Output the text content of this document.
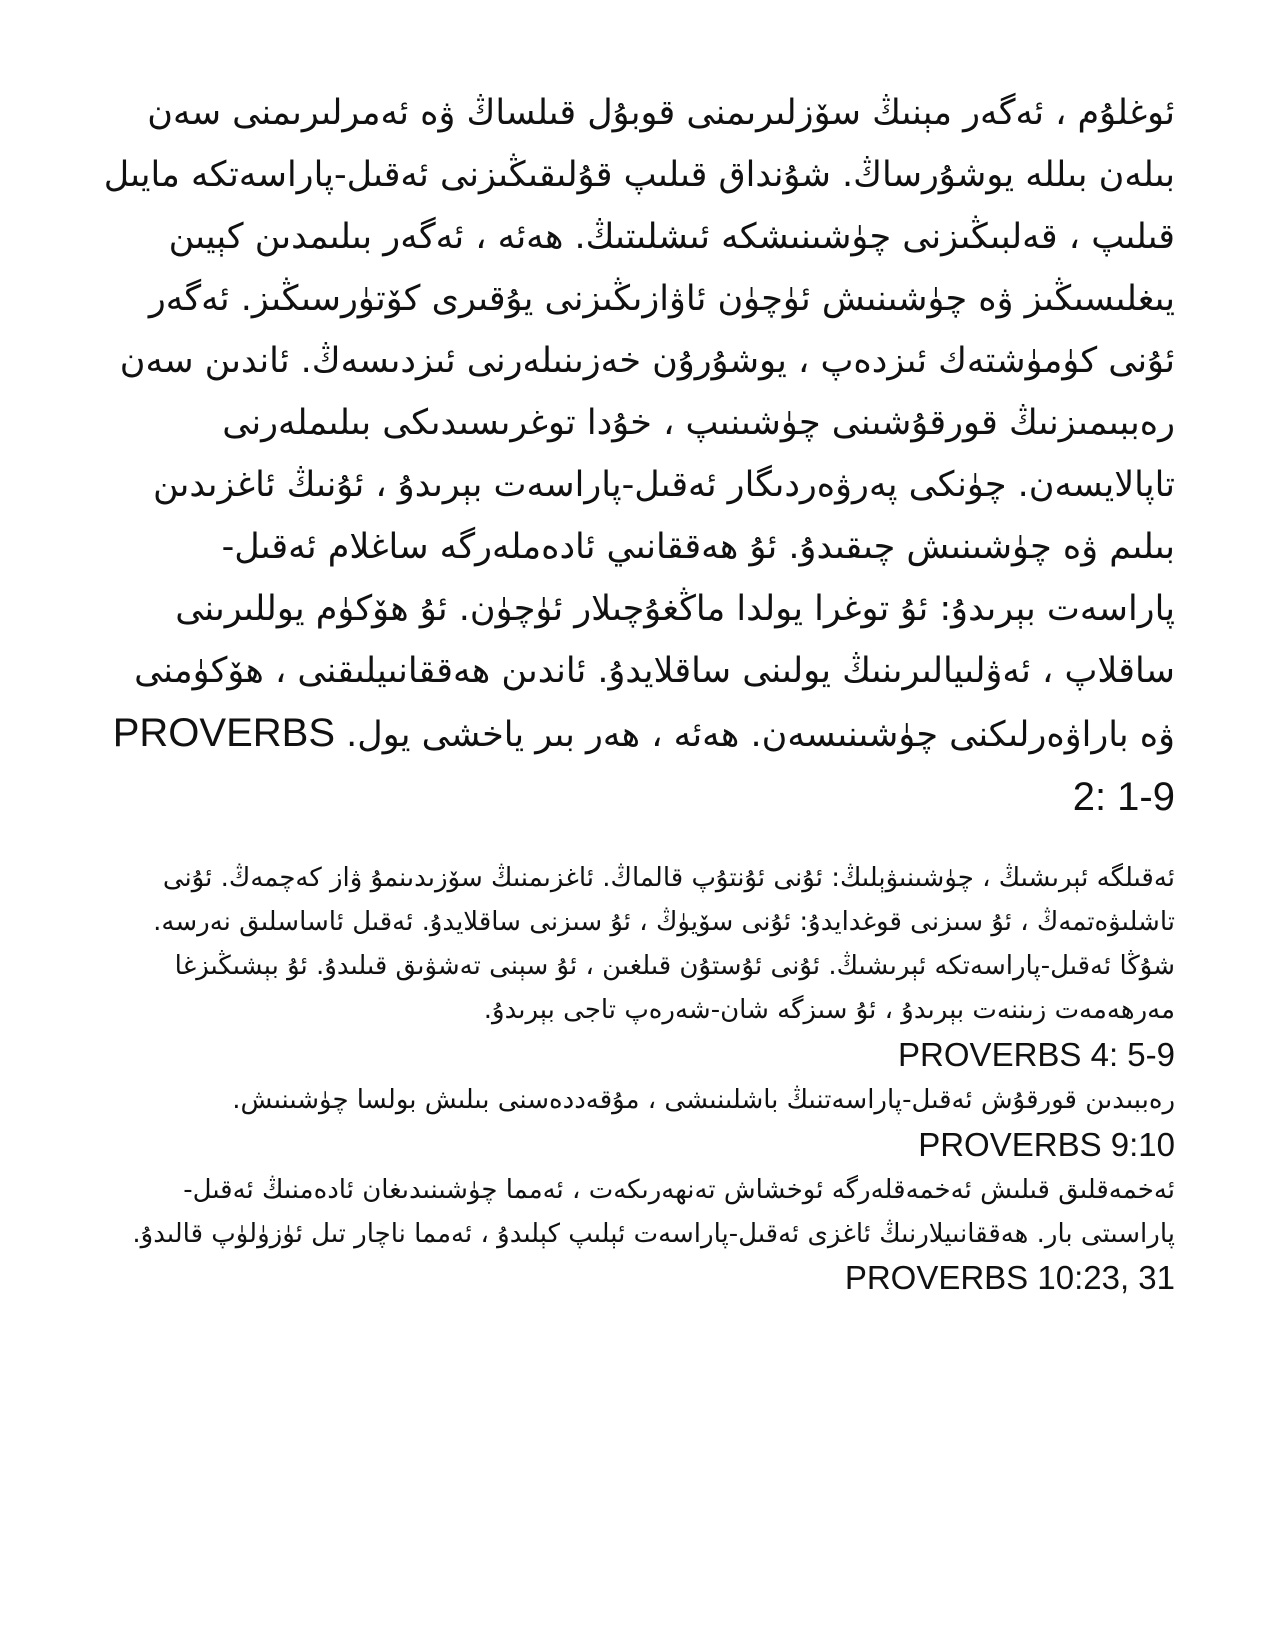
ئوغلۇم ، ئەگەر مېنىڭ سۆزلىرىمنى قوبۇل قىلساڭ ۋە ئەمرلىرىمنى سەن بىلەن بىللە يوشۇرساڭ. شۇنداق قىلىپ قۇلىقىڭىزنى ئەقىل-پاراسەتكە مايىل قىلىپ ، قەلبىڭىزنى چۈشىنىشكە ئىشلىتىڭ. ھەئە ، ئەگەر بىلىمدىن كېيىن يىغلىسىڭىز ۋە چۈشىنىش ئۈچۈن ئاۋازىڭىزنى يۇقىرى كۆتۈرسىڭىز. ئەگەر ئۇنى كۈمۈشتەك ئىزدەپ ، يوشۇرۇن خەزىنىلەرنى ئىزدىسەڭ. ئاندىن سەن رەببىمىزنىڭ قورقۇشىنى چۈشىنىپ ، خۇدا توغرىسىدىكى بىلىملەرنى تاپالايسەن. چۈنكى پەرۋەردىگار ئەقىل-پاراسەت بېرىدۇ ، ئۇنىڭ ئاغزىدىن بىلىم ۋە چۈشىنىش چىقىدۇ. ئۇ ھەققانىي ئادەملەرگە ساغلام ئەقىل-پاراسەت بېرىدۇ: ئۇ توغرا يولدا ماڭغۇچىلار ئۈچۈن. ئۇ ھۆكۈم يوللىرىنى ساقلاپ ، ئەۋلىيالىرىنىڭ يولىنى ساقلايدۇ. ئاندىن ھەققانىيلىقنى ، ھۆكۈمنى ۋە باراۋەرلىكنى چۈشىنىسەن. ھەئە ، ھەر بىر ياخشى يول. PROVERBS 2: 1-9

ئەقىلگە ئېرىشىڭ ، چۈشىنىۋېلىڭ: ئۇنى ئۇنتۇپ قالماڭ. ئاغزىمنىڭ سۆزىدىنمۇ ۋاز كەچمەڭ. ئۇنى تاشلىۋەتمەڭ ، ئۇ سىزنى قوغدايدۇ: ئۇنى سۆيۈڭ ، ئۇ سىزنى ساقلايدۇ. ئەقىل ئاساسلىق نەرسە. شۇڭا ئەقىل-پاراسەتكە ئېرىشىڭ. ئۇنى ئۇستۇن قىلغىن ، ئۇ سېنى تەشۋىق قىلىدۇ. ئۇ بېشىڭىزغا مەرھەمەت زىننەت بېرىدۇ ، ئۇ سىزگە شان-شەرەپ تاجى بېرىدۇ.

PROVERBS 4: 5-9

رەببىدىن قورقۇش ئەقىل-پاراسەتنىڭ باشلىنىشى ، مۇقەددەسنى بىلىش بولسا چۈشىنىش.

PROVERBS 9:10

ئەخمەقلىق قىلىش ئەخمەقلەرگە ئوخشاش تەنھەرىكەت ، ئەمما چۈشىنىدىغان ئادەمنىڭ ئەقىل-پاراسىتى بار. ھەققانىيلارنىڭ ئاغزى ئەقىل-پاراسەت ئېلىپ كېلىدۇ ، ئەمما ناچار تىل ئۈزۈلۈپ قالىدۇ. PROVERBS 10:23, 31
